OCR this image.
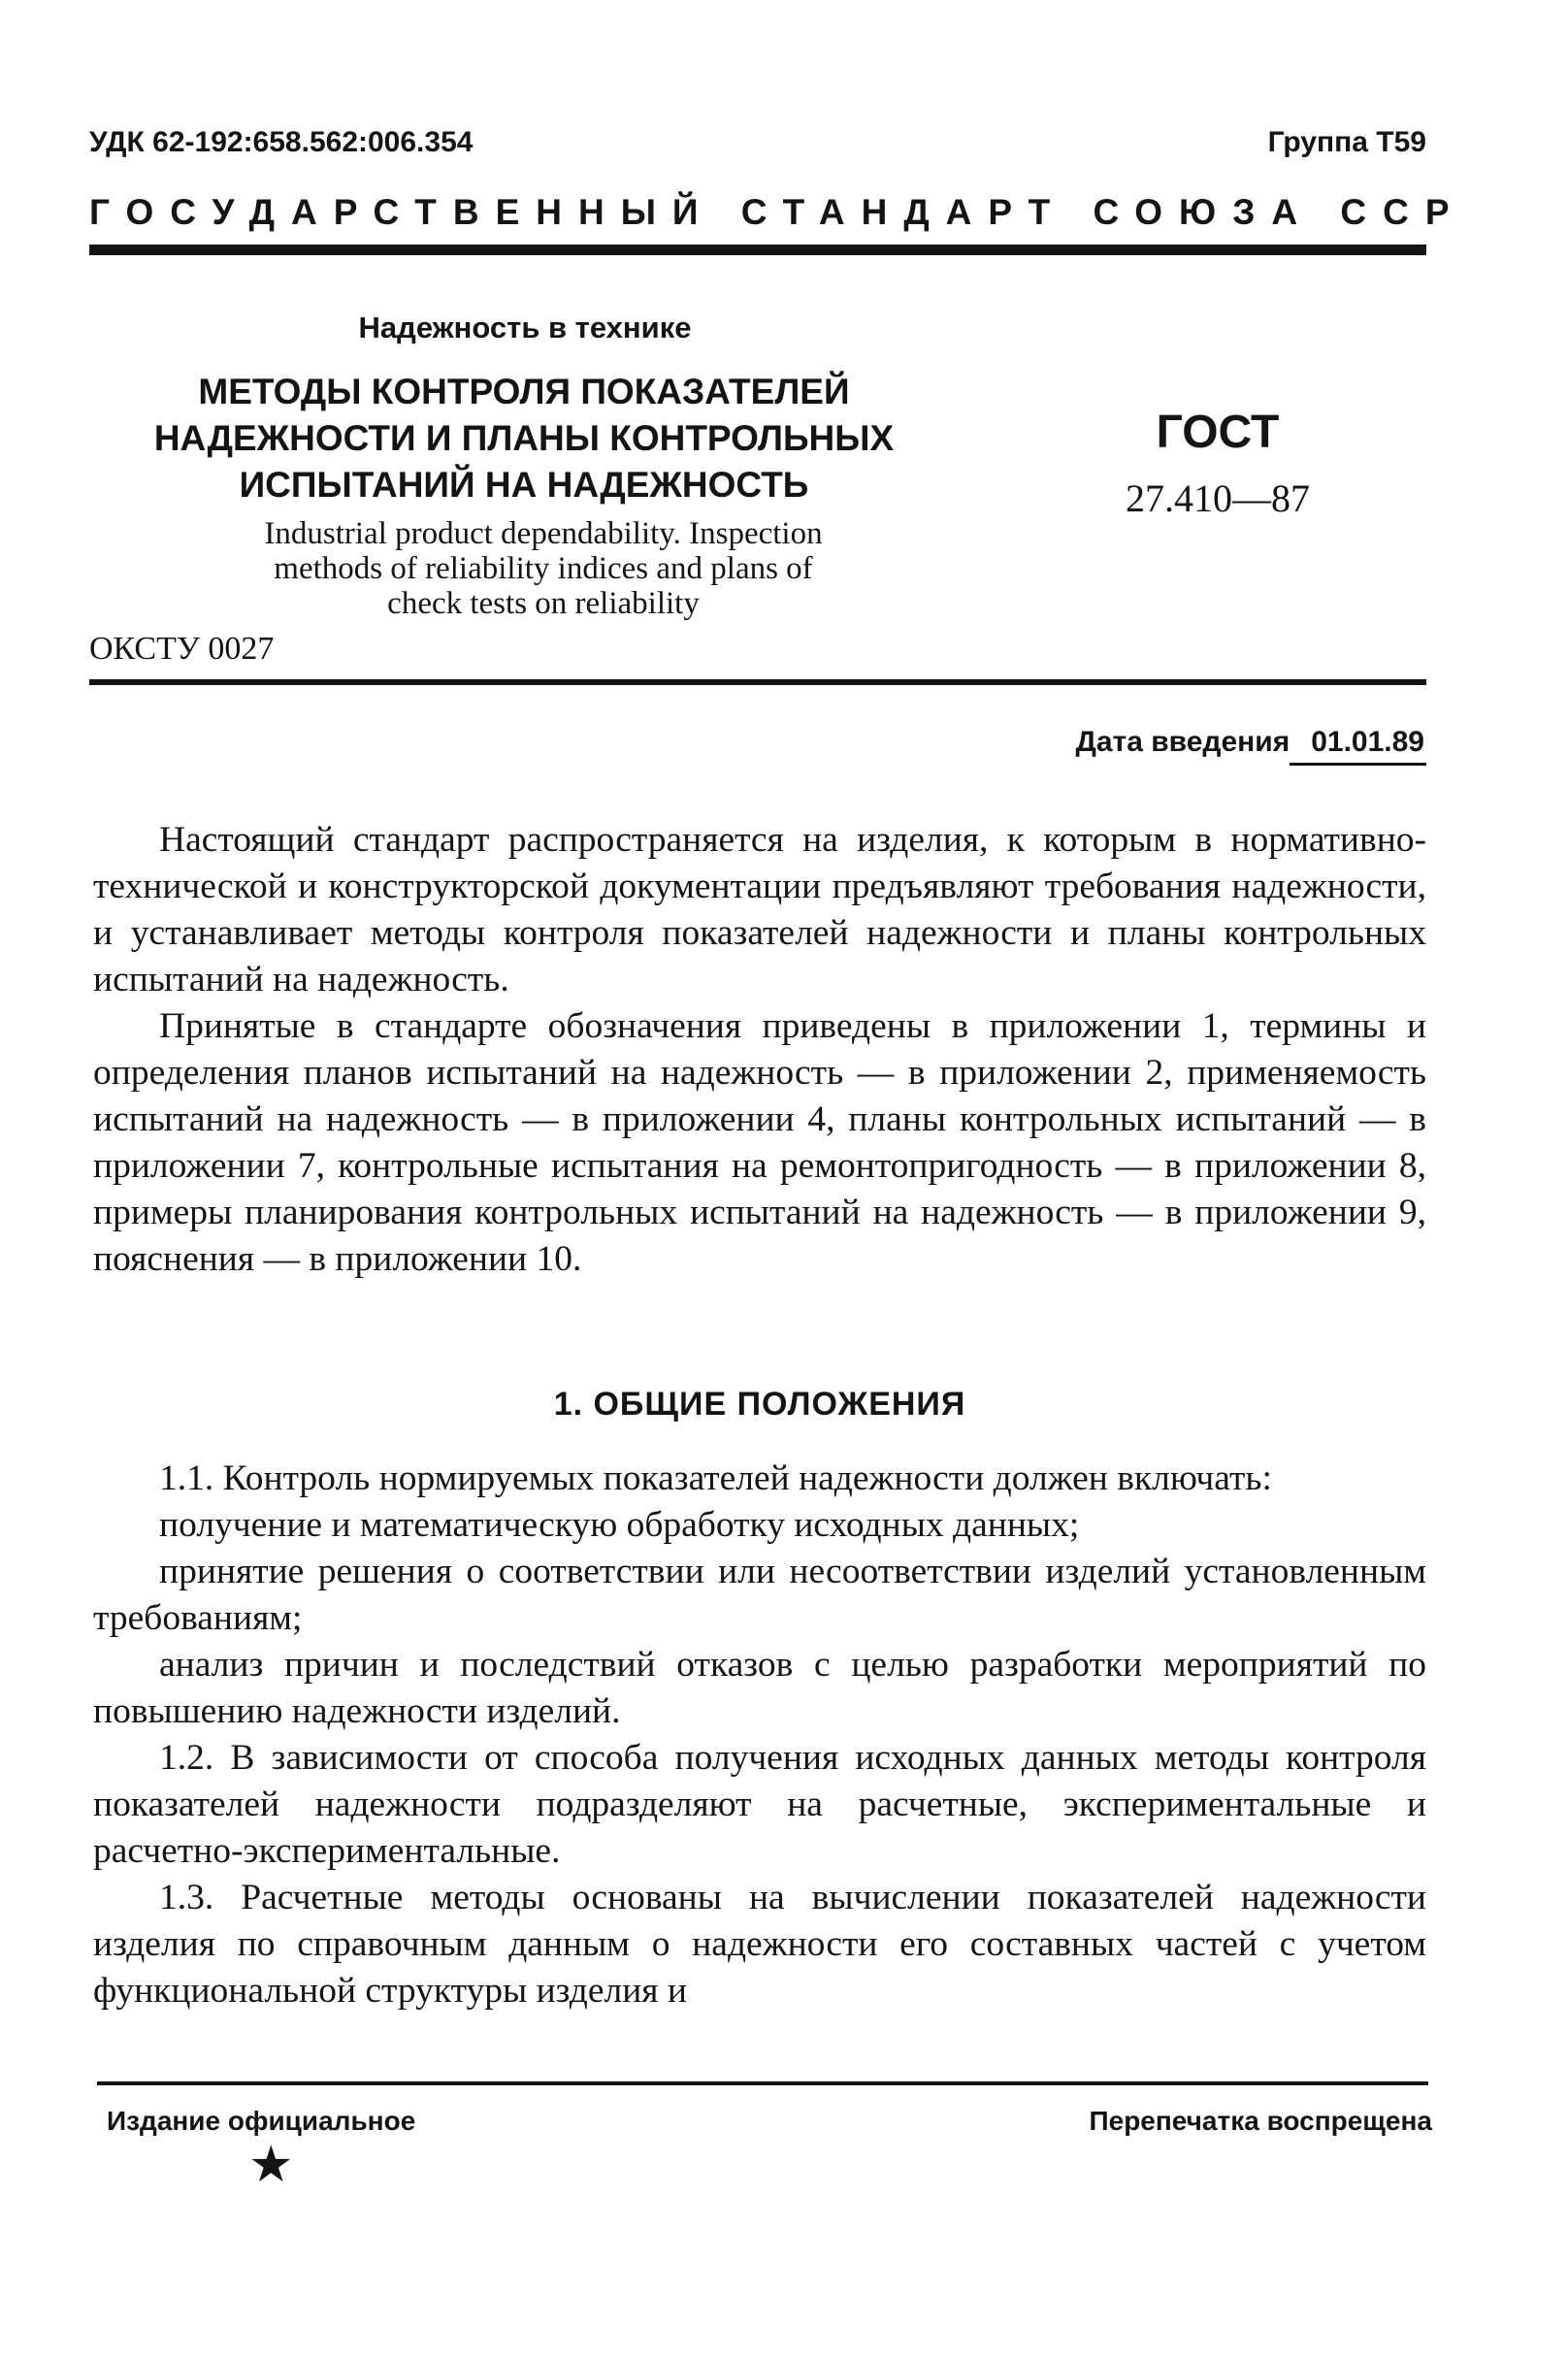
УДК 62-192:658.562:006.354	Группа Т59
ГОСУДАРСТВЕННЫЙ СТАНДАРТ СОЮЗА ССР
Надежность в технике
МЕТОДЫ КОНТРОЛЯ ПОКАЗАТЕЛЕЙ
НАДЕЖНОСТИ И ПЛАНЫ КОНТРОЛЬНЫХ
ИСПЫТАНИЙ НА НАДЕЖНОСТЬ
Industrial product dependability. Inspection
methods of reliability indices and plans of
check tests on reliability
ОКСТУ 0027
ГОСТ
27.410—87
Дата введения 01.01.89

Настоящий стандарт распространяется на изделия, к которым в нормативно-технической и конструкторской документации предъявляют требования надежности, и устанавливает методы контроля показателей надежности и планы контрольных испытаний на надежность.

Принятые в стандарте обозначения приведены в приложении 1, термины и определения планов испытаний на надежность — в приложении 2, применяемость испытаний на надежность — в приложении 4, планы контрольных испытаний — в приложении 7, контрольные испытания на ремонтопригодность — в приложении 8, примеры планирования контрольных испытаний на надежность — в приложении 9, пояснения — в приложении 10.

1. ОБЩИЕ ПОЛОЖЕНИЯ

1.1. Контроль нормируемых показателей надежности должен включать:

получение и математическую обработку исходных данных;

принятие решения о соответствии или несоответствии изделий установленным требованиям;

анализ причин и последствий отказов с целью разработки мероприятий по повышению надежности изделий.

1.2. В зависимости от способа получения исходных данных методы контроля показателей надежности подразделяют на расчетные, экспериментальные и расчетно-экспериментальные.

1.3. Расчетные методы основаны на вычислении показателей надежности изделия по справочным данным о надежности его составных частей с учетом функциональной структуры изделия и

Издание официальное	Перепечатка воспрещена
★
